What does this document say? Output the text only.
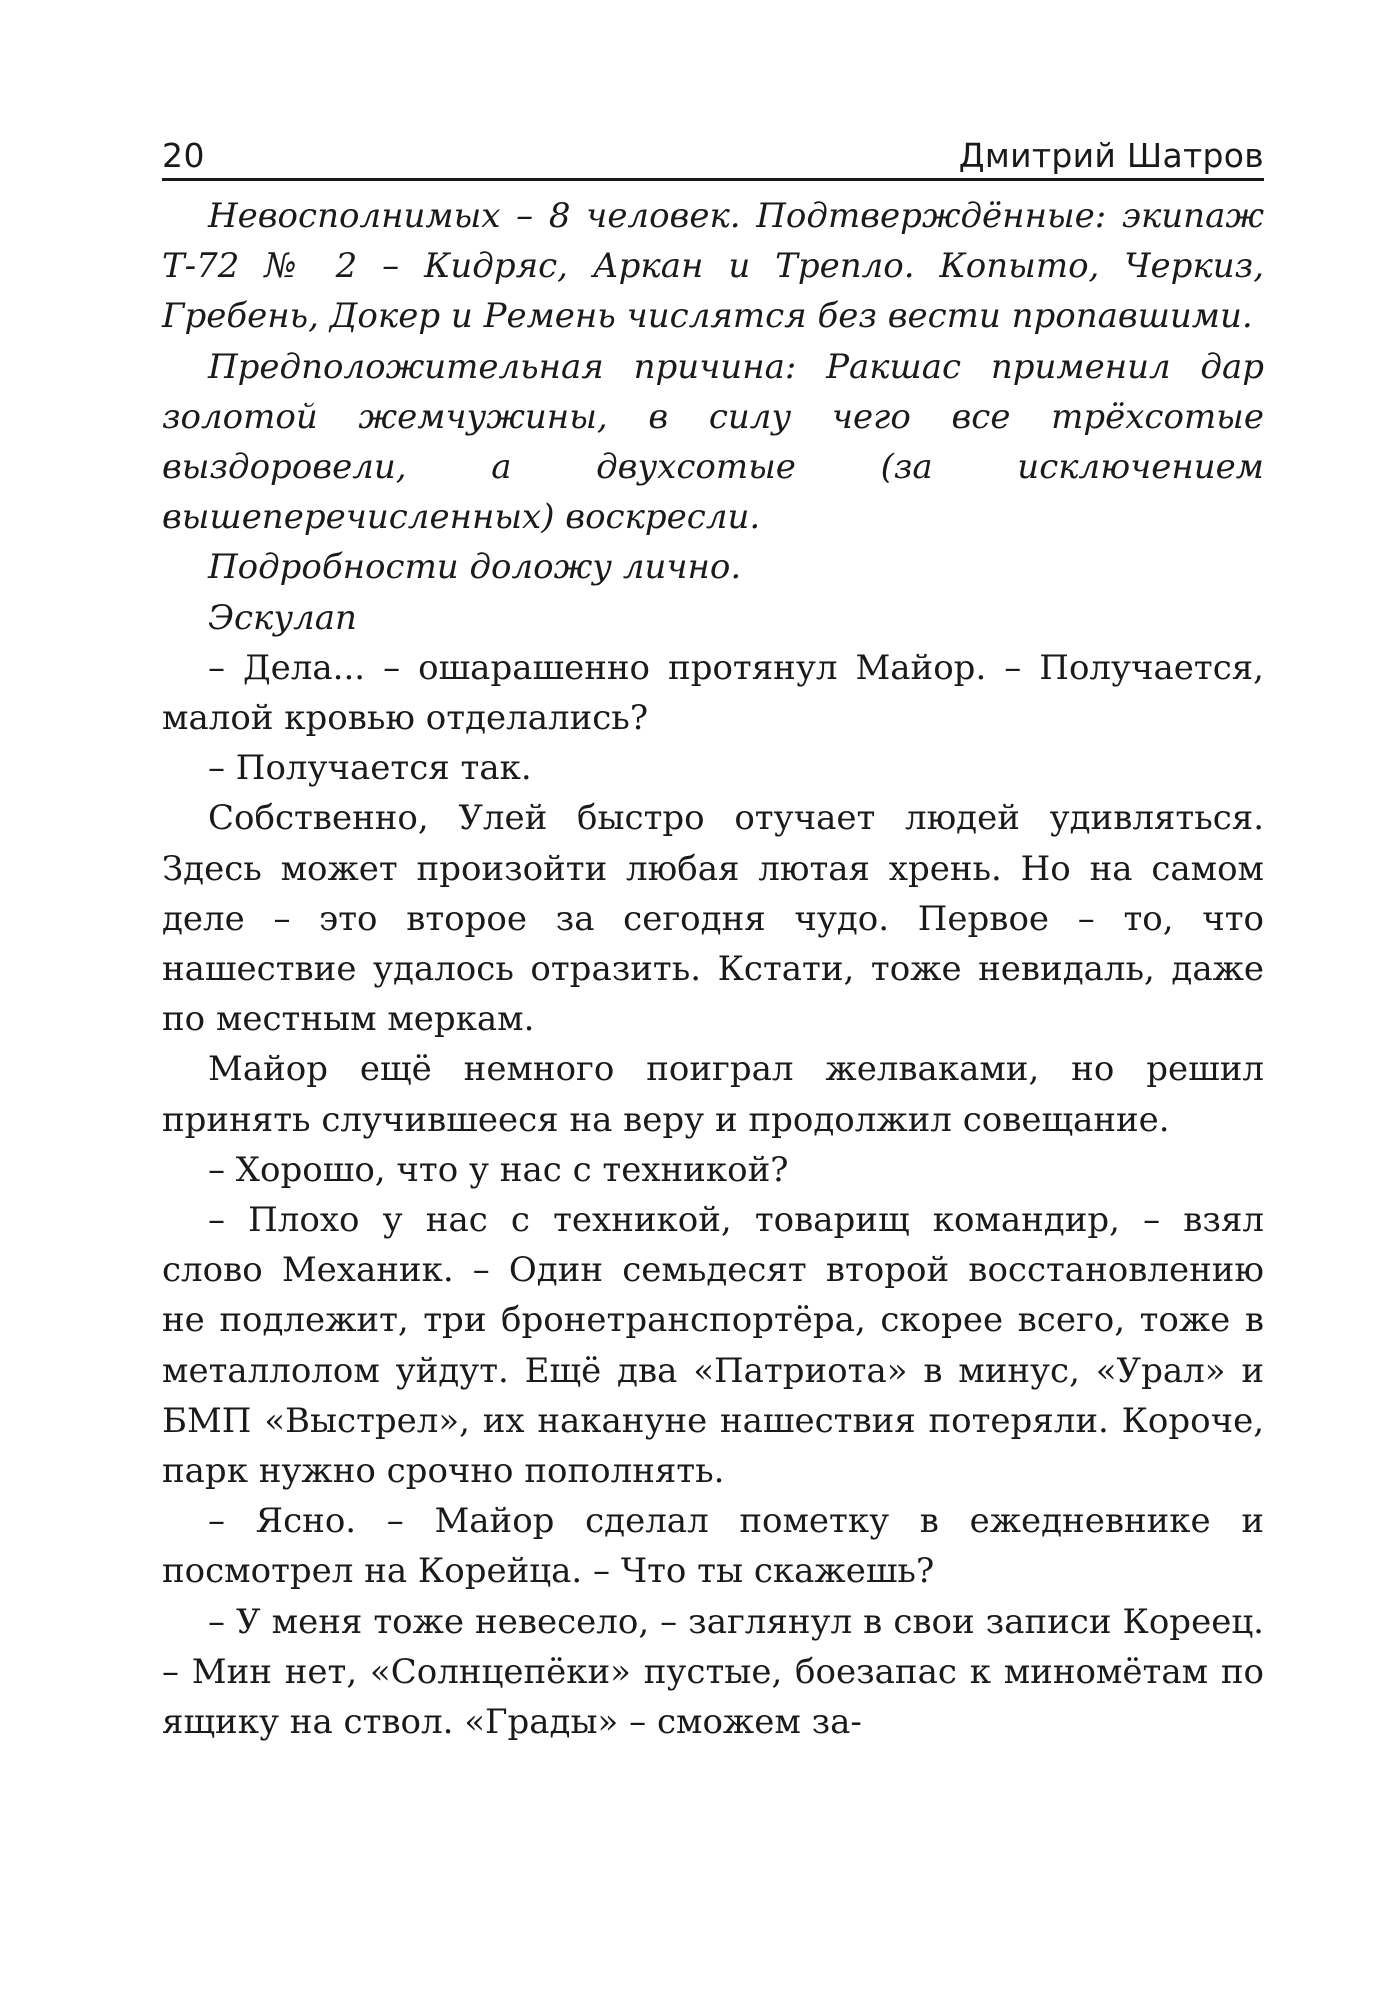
20	Дмитрий Шатров

Невосполнимых – 8 человек. Подтверждённые: экипаж Т-72 № 2 – Кидряс, Аркан и Трепло. Копыто, Черкиз, Гребень, Докер и Ремень числятся без вести пропавшими.

Предположительная причина: Ракшас применил дар золотой жемчужины, в силу чего все трёхсотые выздоровели, а двухсотые (за исключением вышеперечисленных) воскресли.

Подробности доложу лично.

Эскулап

– Дела... – ошарашенно протянул Майор. – Получается, малой кровью отделались?

– Получается так.

Собственно, Улей быстро отучает людей удивляться. Здесь может произойти любая лютая хрень. Но на самом деле – это второе за сегодня чудо. Первое – то, что нашествие удалось отразить. Кстати, тоже невидаль, даже по местным меркам.

Майор ещё немного поиграл желваками, но решил принять случившееся на веру и продолжил совещание.

– Хорошо, что у нас с техникой?

– Плохо у нас с техникой, товарищ командир, – взял слово Механик. – Один семьдесят второй восстановлению не подлежит, три бронетранспортёра, скорее всего, тоже в металлолом уйдут. Ещё два «Патриота» в минус, «Урал» и БМП «Выстрел», их накануне нашествия потеряли. Короче, парк нужно срочно пополнять.

– Ясно. – Майор сделал пометку в ежедневнике и посмотрел на Корейца. – Что ты скажешь?

– У меня тоже невесело, – заглянул в свои записи Кореец. – Мин нет, «Солнцепёки» пустые, боезапас к миномётам по ящику на ствол. «Грады» – сможем за-
